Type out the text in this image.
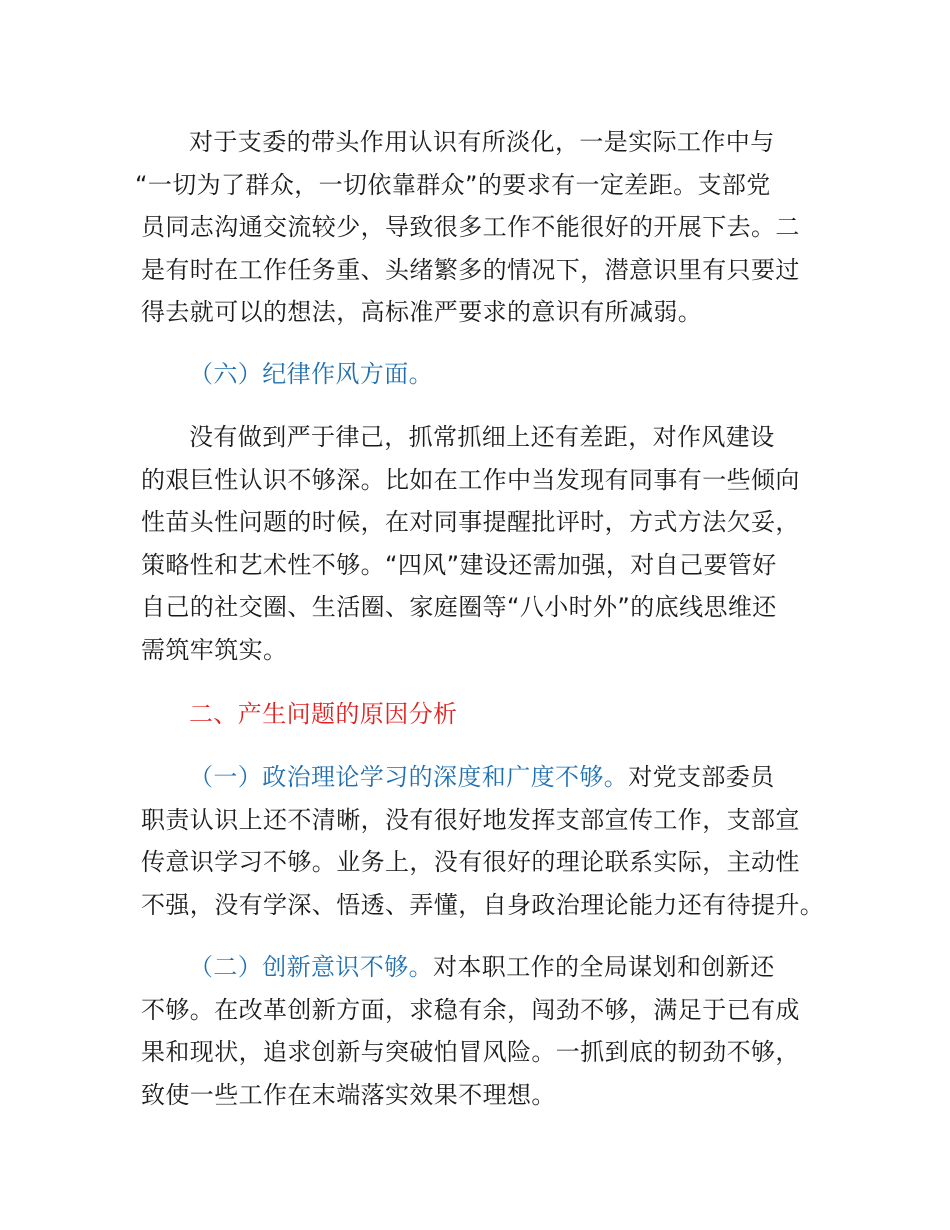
对于支委的带头作用认识有所淡化，一是实际工作中与
“一切为了群众，一切依靠群众”的要求有一定差距。支部党
员同志沟通交流较少，导致很多工作不能很好的开展下去。二
是有时在工作任务重、头绪繁多的情况下，潜意识里有只要过
得去就可以的想法，高标准严要求的意识有所减弱。
（六）纪律作风方面。
没有做到严于律己，抓常抓细上还有差距，对作风建设
的艰巨性认识不够深。比如在工作中当发现有同事有一些倾向
性苗头性问题的时候，在对同事提醒批评时，方式方法欠妥，
策略性和艺术性不够。“四风”建设还需加强，对自己要管好
自己的社交圈、生活圈、家庭圈等“八小时外”的底线思维还
需筑牢筑实。
二、产生问题的原因分析
（一）政治理论学习的深度和广度不够。对党支部委员
职责认识上还不清晰，没有很好地发挥支部宣传工作，支部宣
传意识学习不够。业务上，没有很好的理论联系实际，主动性
不强，没有学深、悟透、弄懂，自身政治理论能力还有待提升。
（二）创新意识不够。对本职工作的全局谋划和创新还
不够。在改革创新方面，求稳有余，闯劲不够，满足于已有成
果和现状，追求创新与突破怕冒风险。一抓到底的韧劲不够，
致使一些工作在末端落实效果不理想。
